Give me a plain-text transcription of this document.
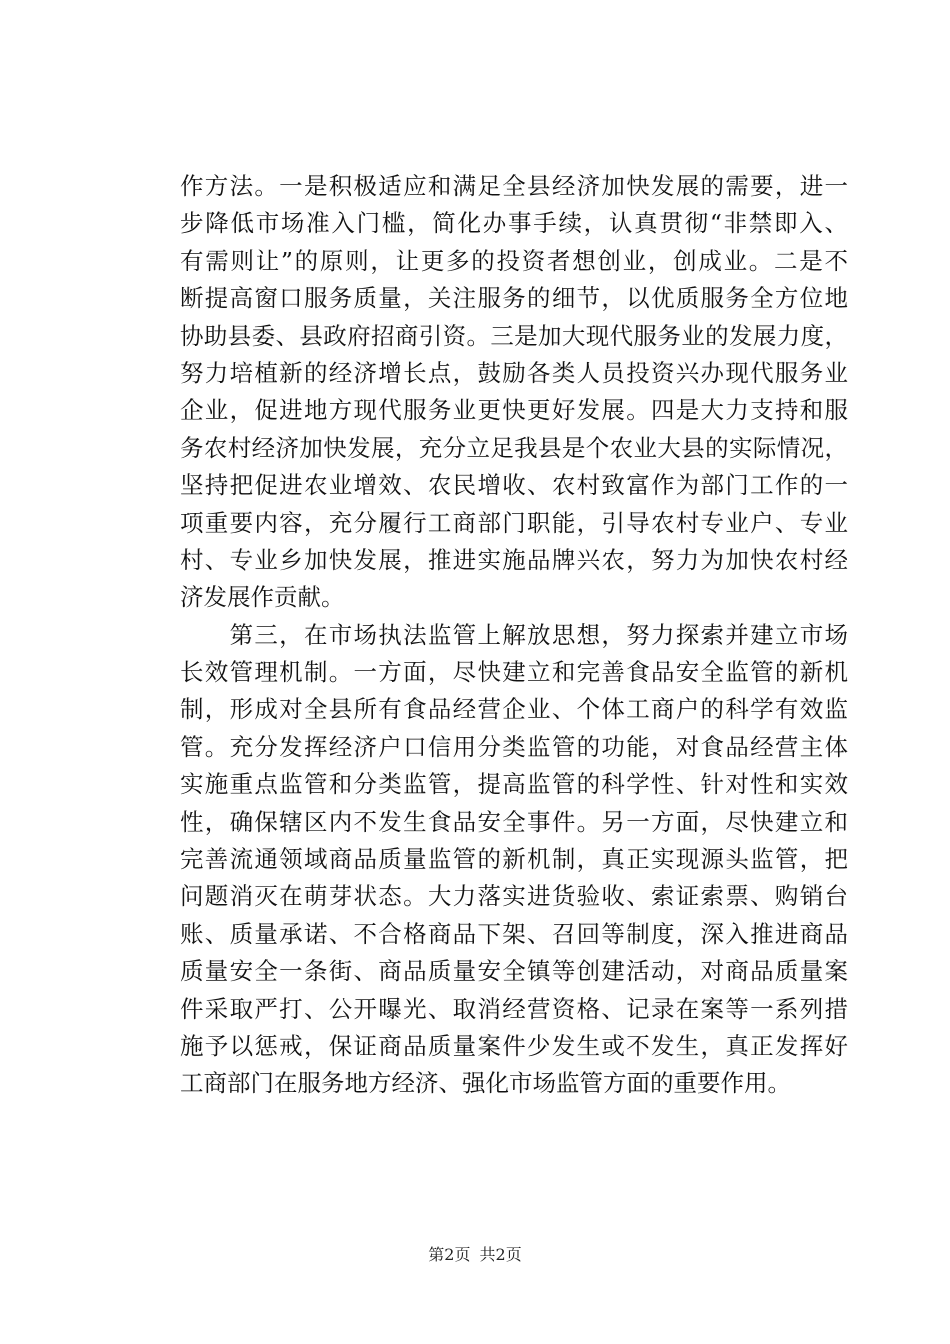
作方法。一是积极适应和满足全县经济加快发展的需要，进一
步降低市场准入门槛，简化办事手续，认真贯彻“非禁即入、
有需则让”的原则，让更多的投资者想创业，创成业。二是不
断提高窗口服务质量，关注服务的细节，以优质服务全方位地
协助县委、县政府招商引资。三是加大现代服务业的发展力度，
努力培植新的经济增长点，鼓励各类人员投资兴办现代服务业
企业，促进地方现代服务业更快更好发展。四是大力支持和服
务农村经济加快发展，充分立足我县是个农业大县的实际情况，
坚持把促进农业增效、农民增收、农村致富作为部门工作的一
项重要内容，充分履行工商部门职能，引导农村专业户、专业
村、专业乡加快发展，推进实施品牌兴农，努力为加快农村经
济发展作贡献。
　　第三，在市场执法监管上解放思想，努力探索并建立市场
长效管理机制。一方面，尽快建立和完善食品安全监管的新机
制，形成对全县所有食品经营企业、个体工商户的科学有效监
管。充分发挥经济户口信用分类监管的功能，对食品经营主体
实施重点监管和分类监管，提高监管的科学性、针对性和实效
性，确保辖区内不发生食品安全事件。另一方面，尽快建立和
完善流通领域商品质量监管的新机制，真正实现源头监管，把
问题消灭在萌芽状态。大力落实进货验收、索证索票、购销台
账、质量承诺、不合格商品下架、召回等制度，深入推进商品
质量安全一条街、商品质量安全镇等创建活动，对商品质量案
件采取严打、公开曝光、取消经营资格、记录在案等一系列措
施予以惩戒，保证商品质量案件少发生或不发生，真正发挥好
工商部门在服务地方经济、强化市场监管方面的重要作用。
第2页 共2页
